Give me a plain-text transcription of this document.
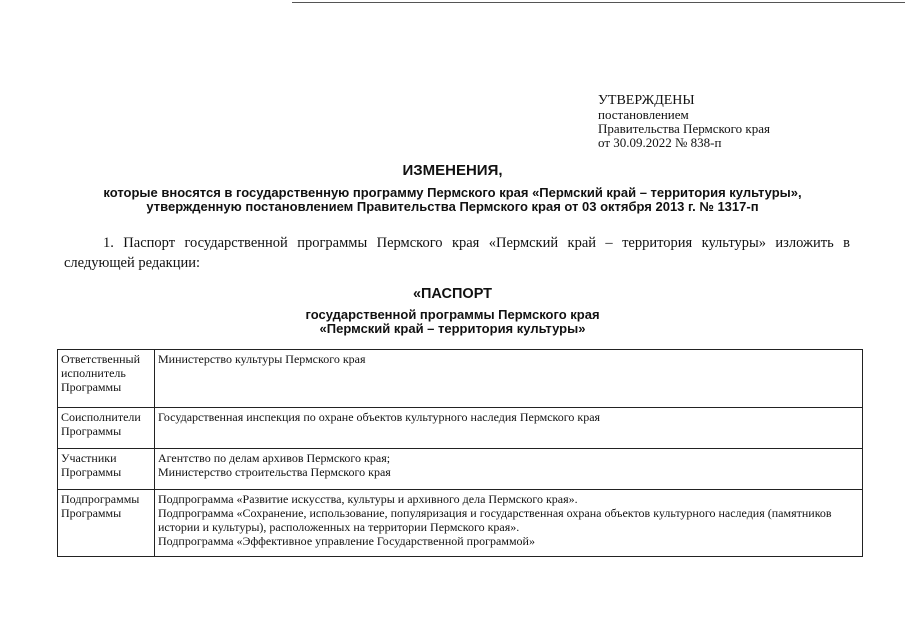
УТВЕРЖДЕНЫ
постановлением
Правительства Пермского края
от 30.09.2022 № 838-п
ИЗМЕНЕНИЯ,
которые вносятся в государственную программу Пермского края «Пермский край – территория культуры»,
утвержденную постановлением Правительства Пермского края от 03 октября 2013 г. № 1317-п
1. Паспорт государственной программы Пермского края «Пермский край – территория культуры» изложить в следующей редакции:
«ПАСПОРТ
государственной программы Пермского края
«Пермский край – территория культуры»
Ответственный исполнитель Программы	Министерство культуры Пермского края

Соисполнители Программы	Государственная инспекция по охране объектов культурного наследия Пермского края

Участники Программы	Агентство по делам архивов Пермского края;
Министерство строительства Пермского края

Подпрограммы Программы	Подпрограмма «Развитие искусства, культуры и архивного дела Пермского края».
Подпрограмма «Сохранение, использование, популяризация и государственная охрана объектов культурного наследия (памятников истории и культуры), расположенных на территории Пермского края».
Подпрограмма «Эффективное управление Государственной программой»
